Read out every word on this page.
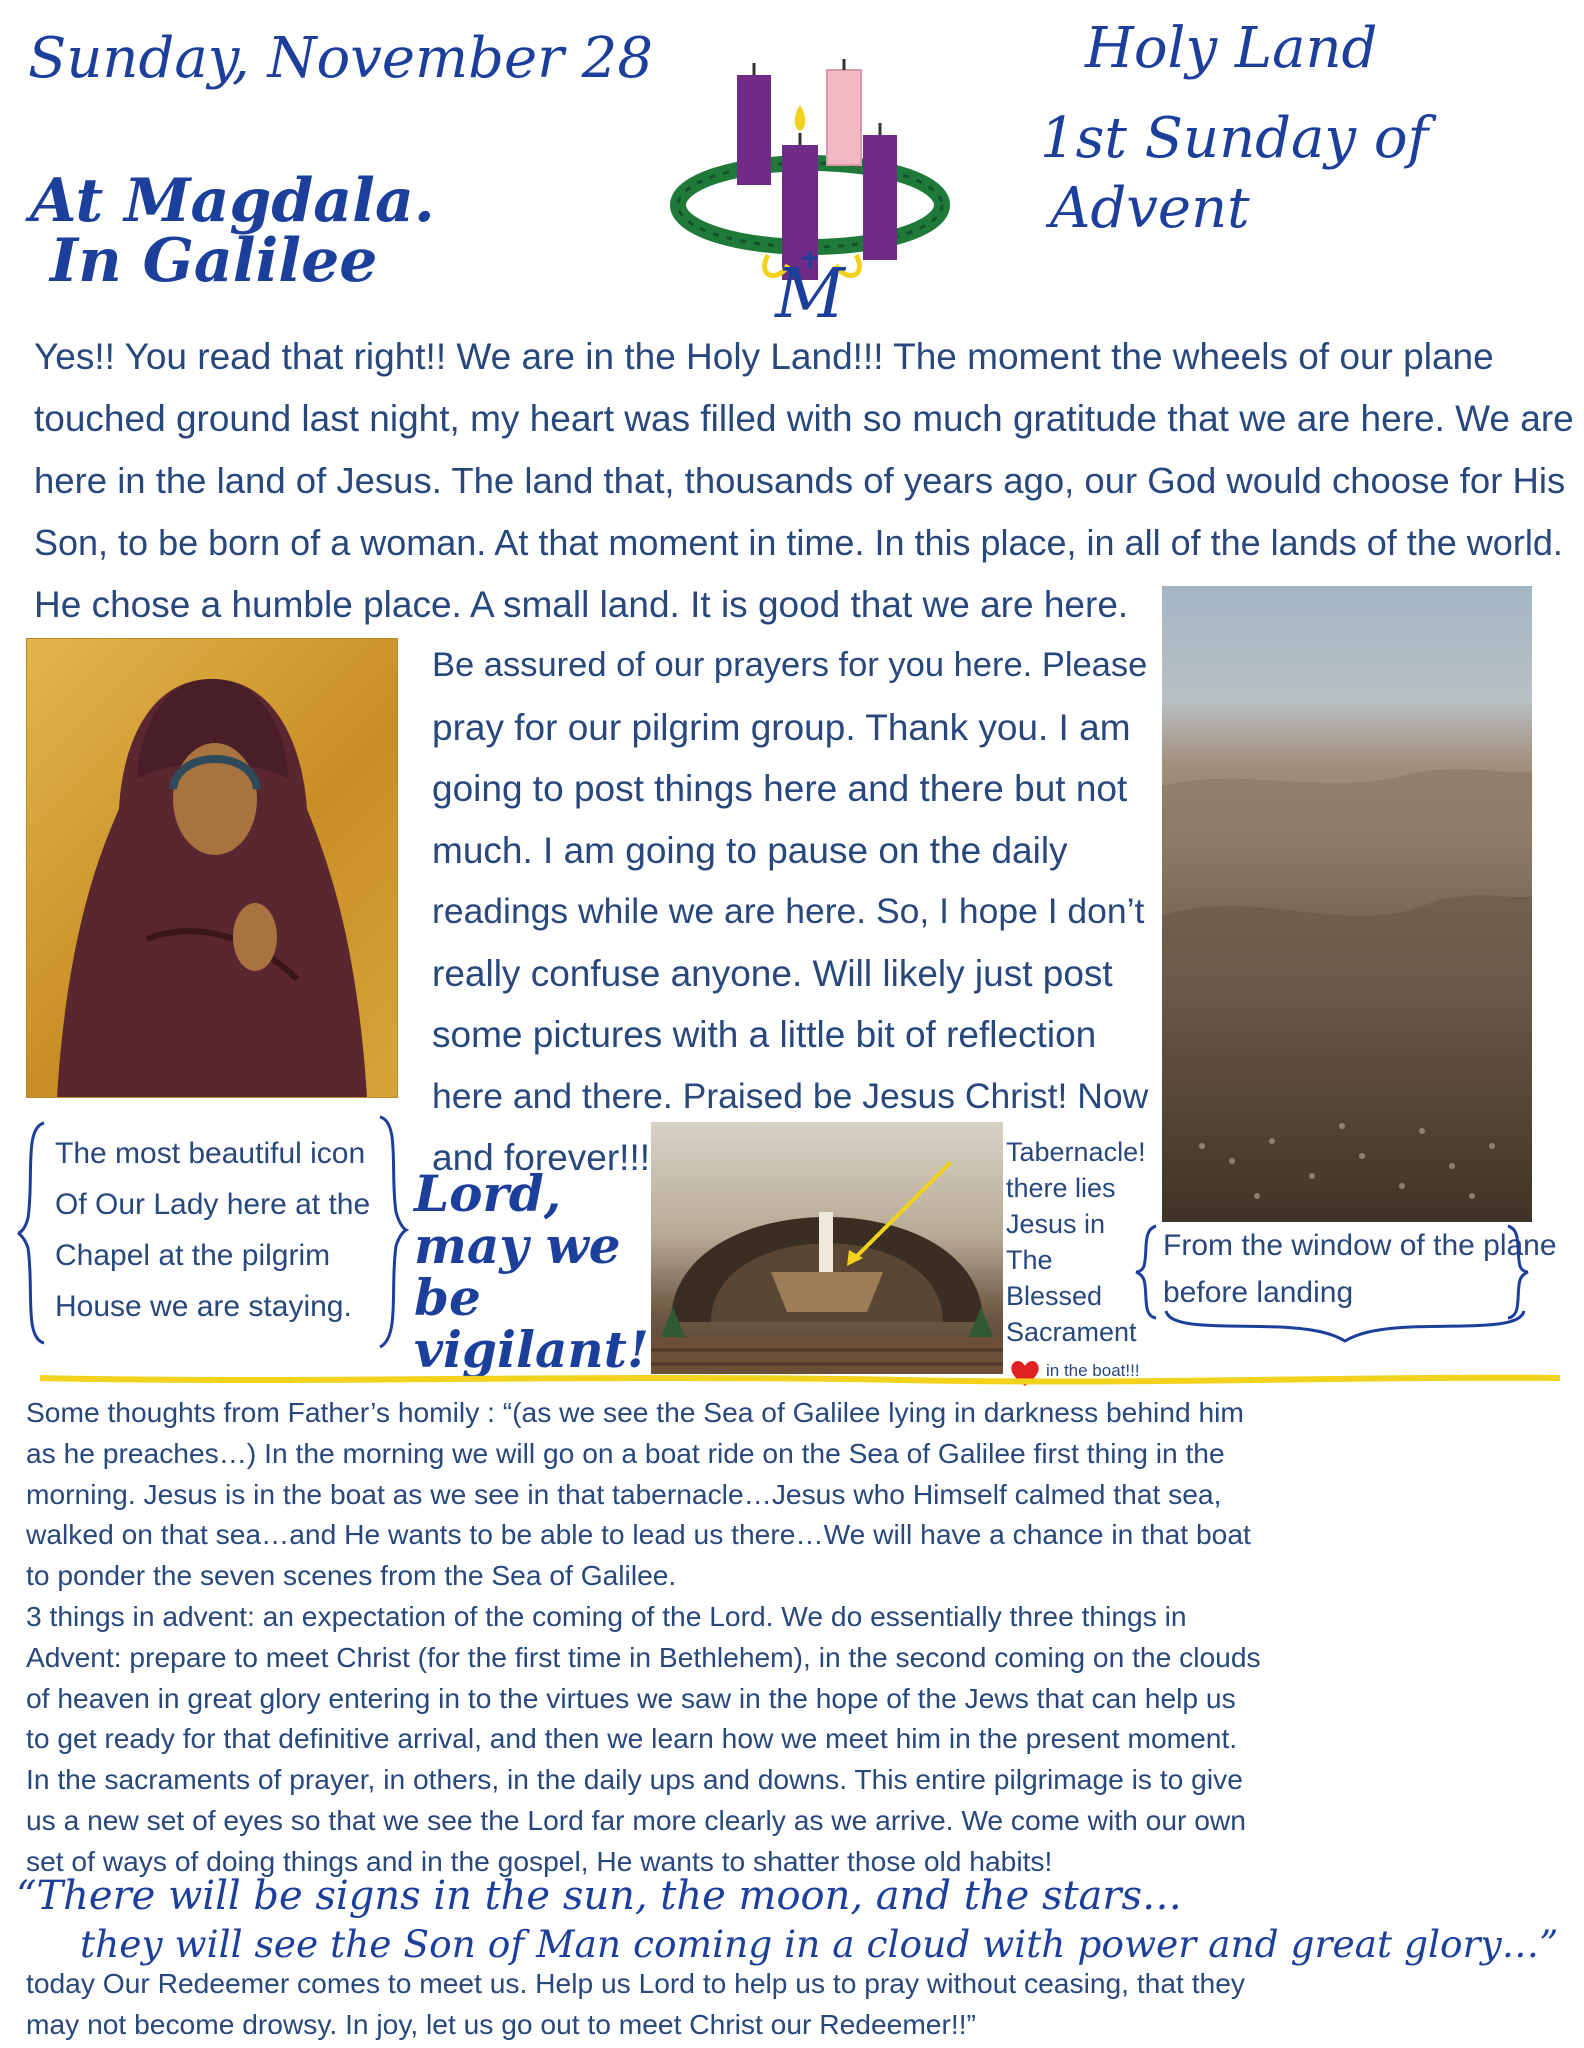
Sunday, November 28
At Magdala.
In Galilee
Holy Land
1st Sunday of
Advent
M
Yes!! You read that right!! We are in the Holy Land!!! The moment the wheels of our plane
touched ground last night, my heart was filled with so much gratitude that we are here. We are
here in the land of Jesus. The land that, thousands of years ago, our God would choose for His
Son, to be born of a woman. At that moment in time. In this place, in all of the lands of the world.
He chose a humble place. A small land. It is good that we are here.
Be assured of our prayers for you here. Please
pray for our pilgrim group. Thank you. I am
going to post things here and there but not
much. I am going to pause on the daily
readings while we are here. So, I hope I don’t
really confuse anyone. Will likely just post
some pictures with a little bit of reflection
here and there. Praised be Jesus Christ! Now
and forever!!!
The most beautiful icon
Of Our Lady here at the
Chapel at the pilgrim
House we are staying.
Lord,
may we
be
vigilant!
Tabernacle!
there lies
Jesus in
The
Blessed
Sacrament
in the boat!!!
From the window of the plane
before landing
Some thoughts from Father’s homily : “(as we see the Sea of Galilee lying in darkness behind him
as he preaches…) In the morning we will go on a boat ride on the Sea of Galilee first thing in the
morning. Jesus is in the boat as we see in that tabernacle…Jesus who Himself calmed that sea,
walked on that sea…and He wants to be able to lead us there…We will have a chance in that boat
to ponder the seven scenes from the Sea of Galilee.
3 things in advent: an expectation of the coming of the Lord. We do essentially three things in
Advent: prepare to meet Christ (for the first time in Bethlehem), in the second coming on the clouds
of heaven in great glory entering in to the virtues we saw in the hope of the Jews that can help us
to get ready for that definitive arrival, and then we learn how we meet him in the present moment.
In the sacraments of prayer, in others, in the daily ups and downs. This entire pilgrimage is to give
us a new set of eyes so that we see the Lord far more clearly as we arrive. We come with our own
set of ways of doing things and in the gospel, He wants to shatter those old habits!
“There will be signs in the sun, the moon, and the stars…
they will see the Son of Man coming in a cloud with power and great glory…”
today Our Redeemer comes to meet us. Help us Lord to help us to pray without ceasing, that they
may not become drowsy. In joy, let us go out to meet Christ our Redeemer!!”
